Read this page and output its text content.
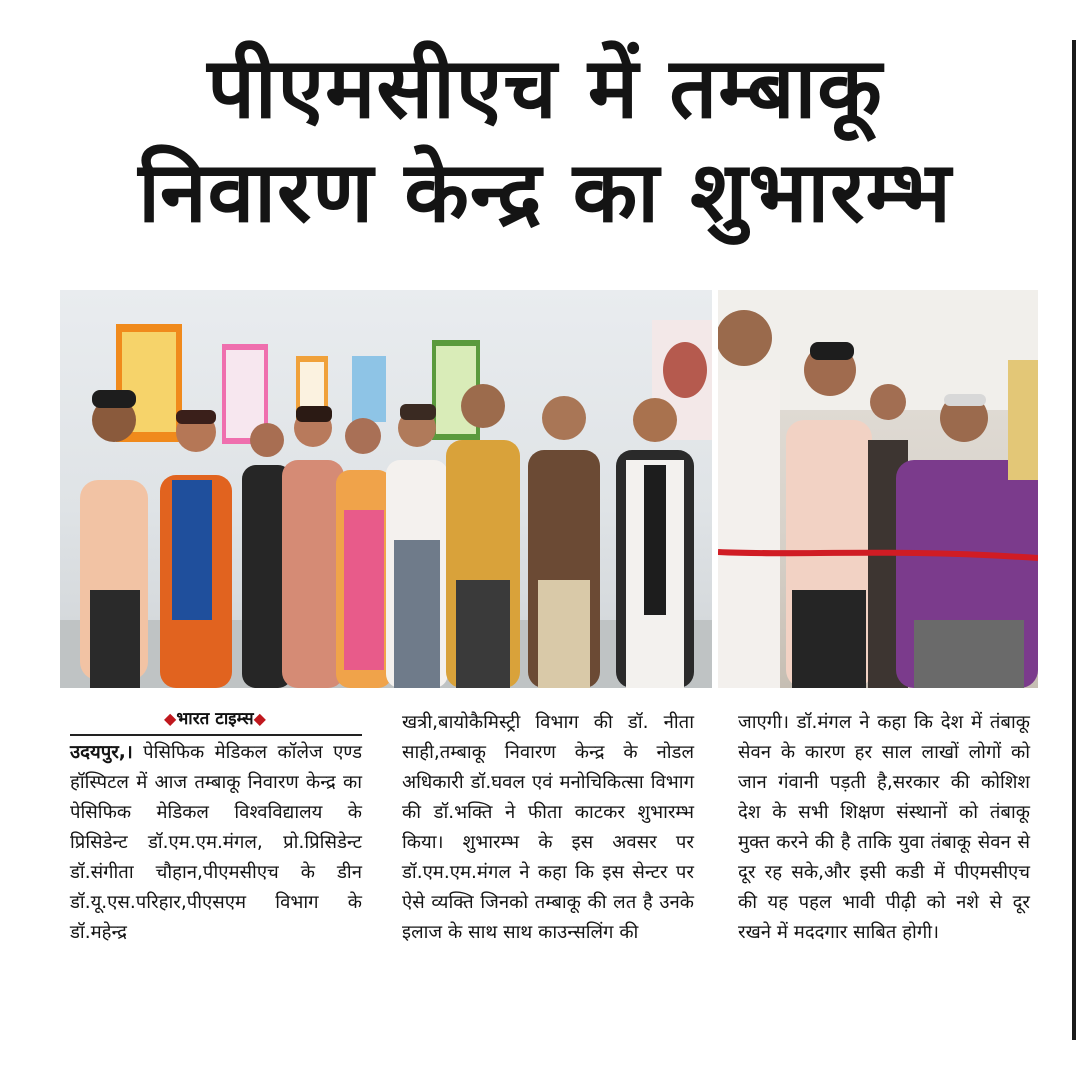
पीएमसीएच में तम्बाकू
निवारण केन्द्र का शुभारम्भ
◆भारत टाइम्स◆

उदयपुर,। पेसिफिक मेडिकल कॉलेज एण्ड हॉस्पिटल में आज तम्बाकू निवारण केन्द्र का पेसिफिक मेडिकल विश्वविद्यालय के प्रिसिडेन्ट डॉ.एम.एम.मंगल, प्रो.प्रिसिडेन्ट डॉ.संगीता चौहान,पीएमसीएच के डीन डॉ.यू.एस.परिहार,पीएसएम विभाग के डॉ.महेन्द्र

खत्री,बायोकैमिस्ट्री विभाग की डॉ. नीता साही,तम्बाकू निवारण केन्द्र के नोडल अधिकारी डॉ.घवल एवं मनोचिकित्सा विभाग की डॉ.भक्ति ने फीता काटकर शुभारम्भ किया। शुभारम्भ के इस अवसर पर डॉ.एम.एम.मंगल ने कहा कि इस सेन्टर पर ऐसे व्यक्ति जिनको तम्बाकू की लत है उनके इलाज के साथ साथ काउन्सलिंग की

जाएगी। डॉ.मंगल ने कहा कि देश में तंबाकू सेवन के कारण हर साल लाखों लोगों को जान गंवानी पड़ती है,सरकार की कोशिश देश के सभी शिक्षण संस्थानों को तंबाकू मुक्त करने की है ताकि युवा तंबाकू सेवन से दूर रह सके,और इसी कडी में पीएमसीएच की यह पहल भावी पीढ़ी को नशे से दूर रखने में मददगार साबित होगी।
